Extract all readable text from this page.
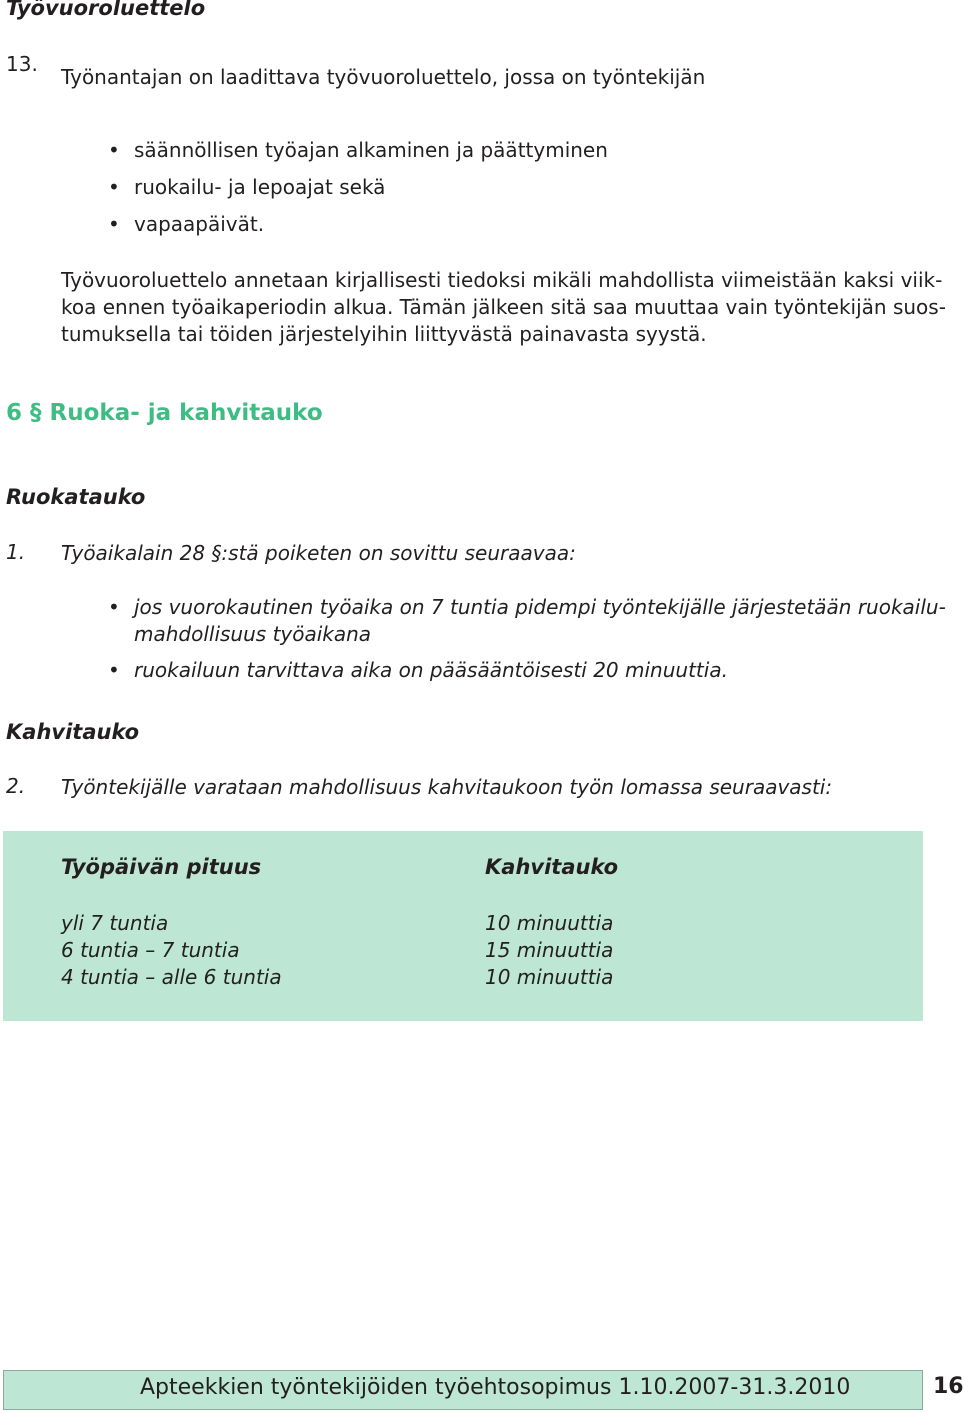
Työvuoroluettelo
13.
Työnantajan on laadittava työvuoroluettelo, jossa on työntekijän
• säännöllisen työajan alkaminen ja päättyminen
• ruokailu- ja lepoajat sekä
• vapaapäivät.
Työvuoroluettelo annetaan kirjallisesti tiedoksi mikäli mahdollista viimeistään kaksi viik-
koa ennen työaikaperiodin alkua. Tämän jälkeen sitä saa muuttaa vain työntekijän suos-
tumuksella tai töiden järjestelyihin liittyvästä painavasta syystä.
6 § Ruoka- ja kahvitauko
Ruokatauko
1. Työaikalain 28 §:stä poiketen on sovittu seuraavaa:
• jos vuorokautinen työaika on 7 tuntia pidempi työntekijälle järjestetään ruokailu-
mahdollisuus työaikana
• ruokailuun tarvittava aika on pääsääntöisesti 20 minuuttia.
Kahvitauko
2. Työntekijälle varataan mahdollisuus kahvitaukoon työn lomassa seuraavasti:
Työpäivän pituus	Kahvitauko
yli 7 tuntia
6 tuntia – 7 tuntia
4 tuntia – alle 6 tuntia
10 minuuttia
15 minuuttia
10 minuuttia
Apteekkien työntekijöiden työehtosopimus 1.10.2007-31.3.2010	16
